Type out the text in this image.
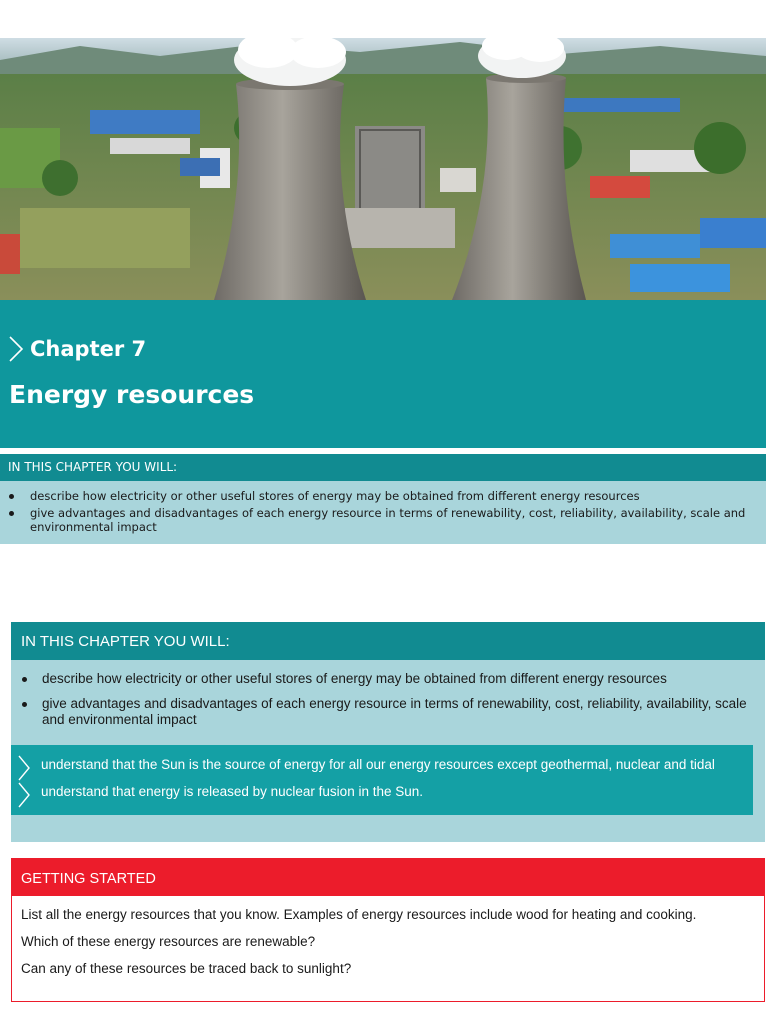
Chapter 7
Energy resources
IN THIS CHAPTER YOU WILL:
describe how electricity or other useful stores of energy may be obtained from different energy resources
give advantages and disadvantages of each energy resource in terms of renewability, cost, reliability, availability, scale and environmental impact
IN THIS CHAPTER YOU WILL:
describe how electricity or other useful stores of energy may be obtained from different energy resources
give advantages and disadvantages of each energy resource in terms of renewability, cost, reliability, availability, scale and environmental impact
understand that the Sun is the source of energy for all our energy resources except geothermal, nuclear and tidal
understand that energy is released by nuclear fusion in the Sun.
GETTING STARTED
List all the energy resources that you know. Examples of energy resources include wood for heating and cooking.
Which of these energy resources are renewable?
Can any of these resources be traced back to sunlight?
